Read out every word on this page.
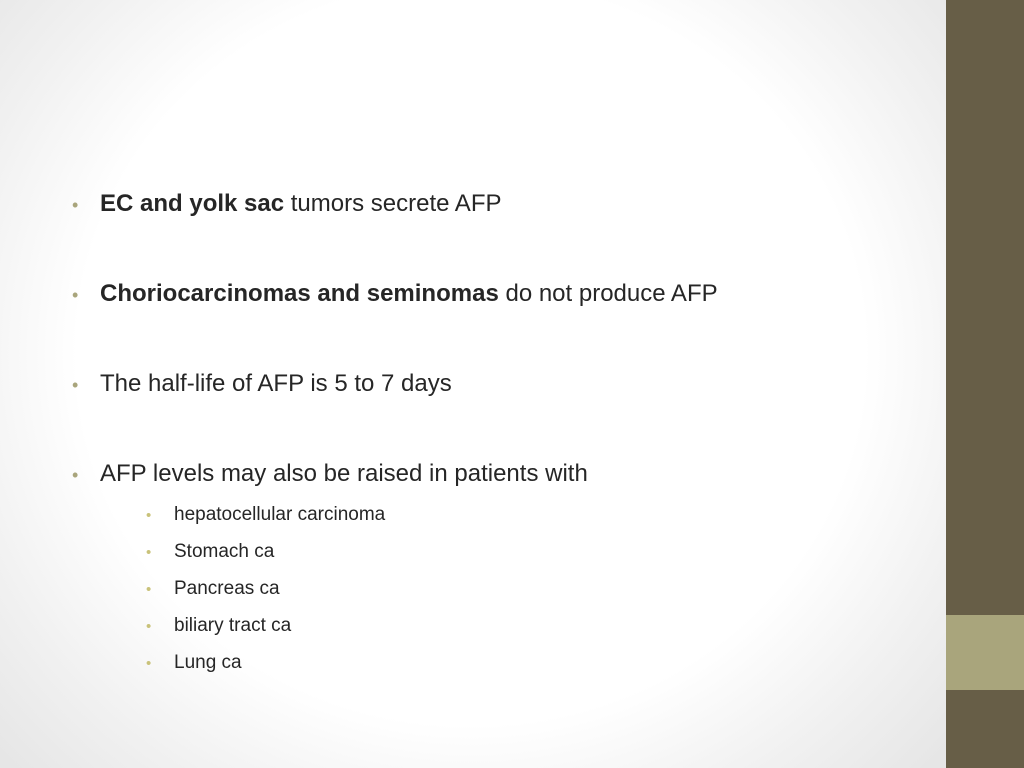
• EC and yolk sac tumors secrete AFP
• Choriocarcinomas and seminomas do not produce AFP
• The half-life of AFP is 5 to 7 days
• AFP levels may also be raised in patients with
•	hepatocellular carcinoma
•	Stomach ca
•	Pancreas ca
•	biliary tract ca
•	Lung ca
